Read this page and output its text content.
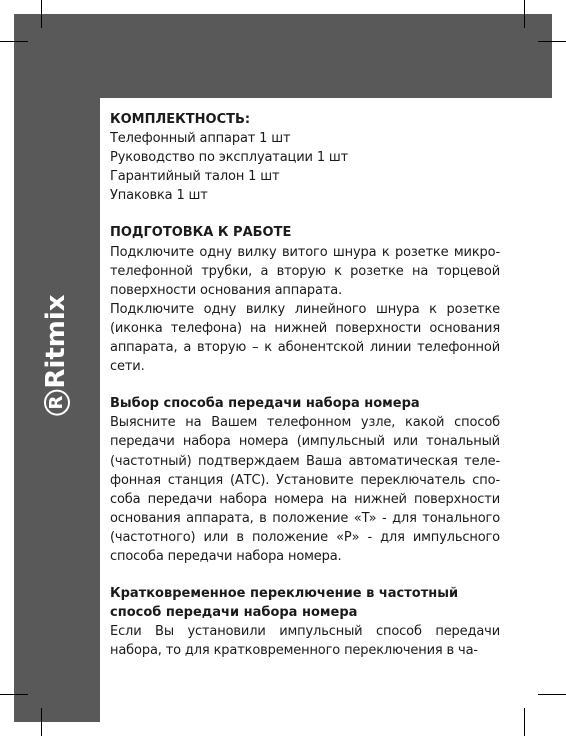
RRitmix
КОМПЛЕКТНОСТЬ:

Телефонный аппарат 1 шт

Руководство по эксплуатации 1 шт

Гарантийный талон 1 шт

Упаковка 1 шт

ПОДГОТОВКА К РАБОТЕ

Подключите одну вилку витого шнура к розетке микро-телефонной трубки, а вторую к розетке на торцевой поверхности основания аппарата.

Подключите одну вилку линейного шнура к розетке (иконка телефона) на нижней поверхности основания аппарата, а вторую – к абонентской линии телефонной сети.

Выбор способа передачи набора номера

Выясните на Вашем телефонном узле, какой способ передачи набора номера (импульсный или тональный (частотный) подтверждаем Ваша автоматическая теле-фонная станция (АТС). Установите переключатель спо-соба передачи набора номера на нижней поверхности основания аппарата, в положение «T» - для тонального (частотного) или в положение «P» - для импульсного способа передачи набора номера.

Кратковременное переключение в частотный
способ передачи набора номера

Если Вы установили импульсный способ передачи набора, то для кратковременного переключения в ча-
